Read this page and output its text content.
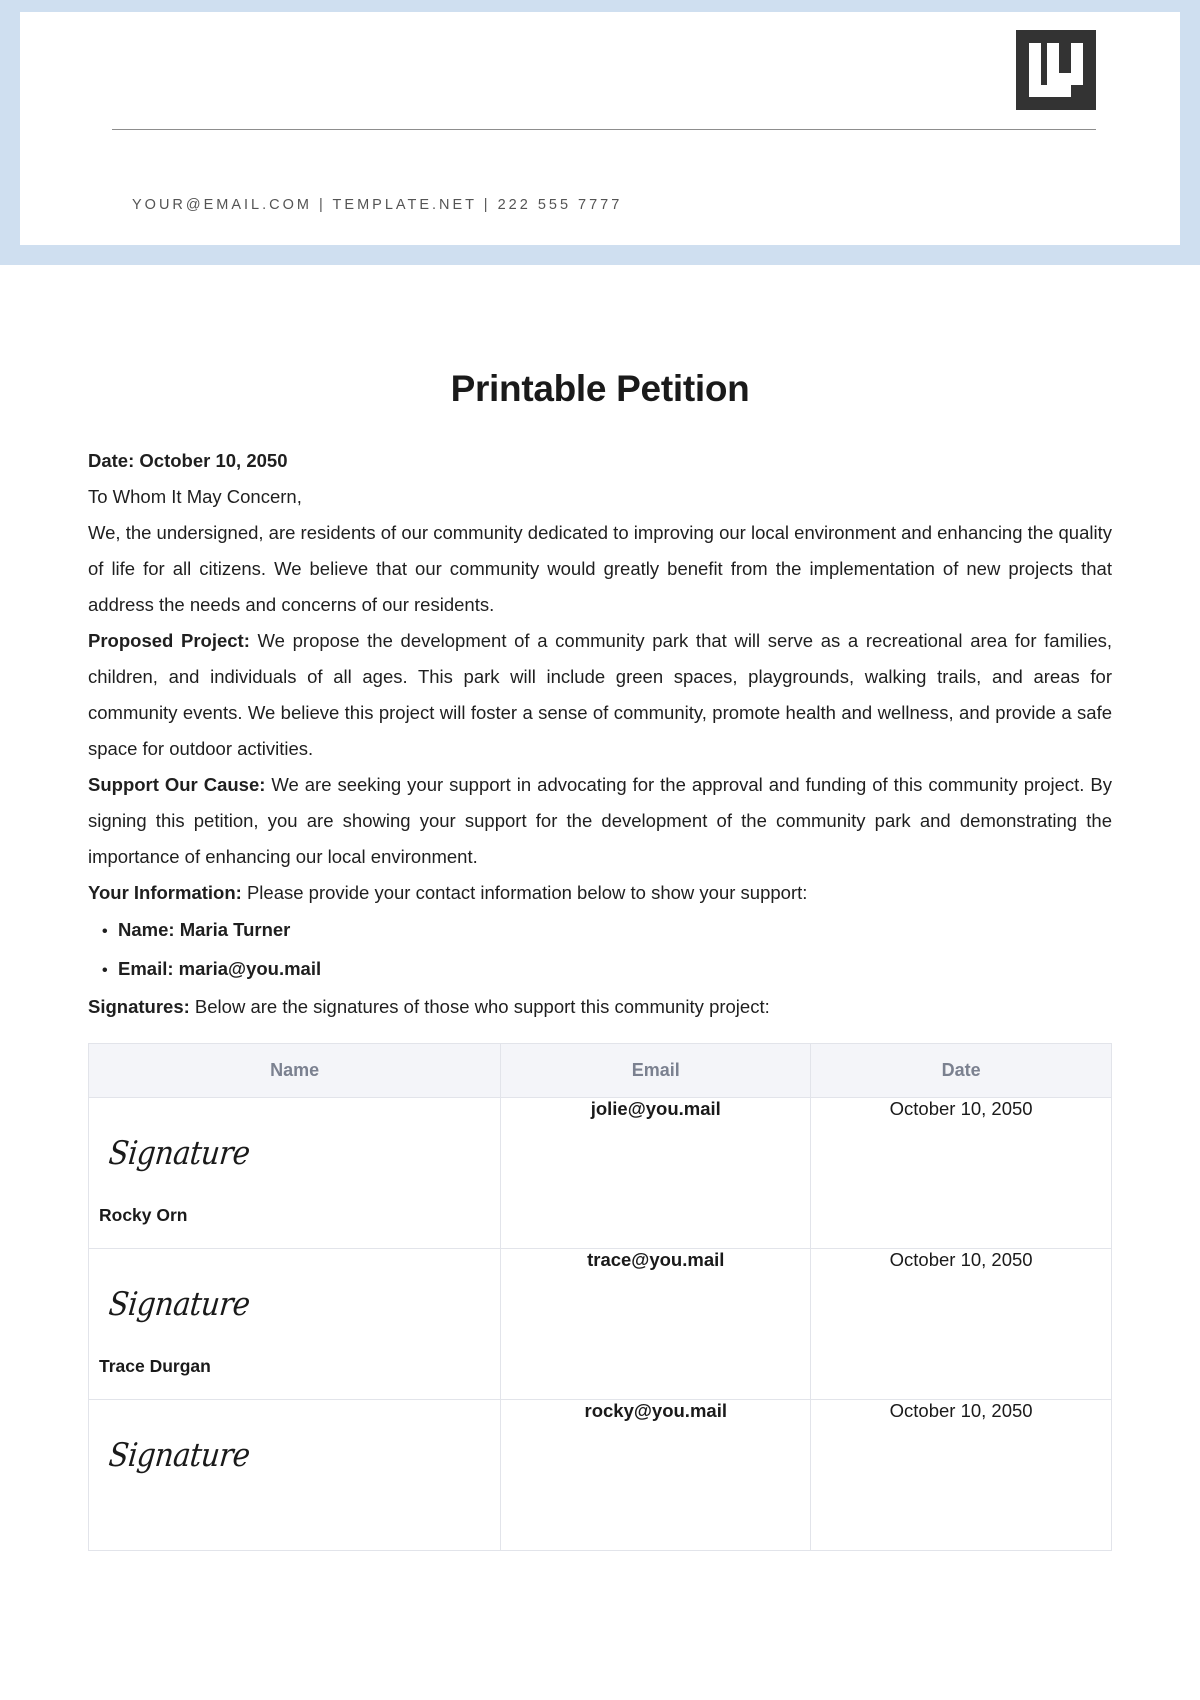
YOUR@EMAIL.COM | TEMPLATE.NET | 222 555 7777
Printable Petition

Date: October 10, 2050

To Whom It May Concern,

We, the undersigned, are residents of our community dedicated to improving our local environment and enhancing the quality of life for all citizens. We believe that our community would greatly benefit from the implementation of new projects that address the needs and concerns of our residents.

Proposed Project: We propose the development of a community park that will serve as a recreational area for families, children, and individuals of all ages. This park will include green spaces, playgrounds, walking trails, and areas for community events. We believe this project will foster a sense of community, promote health and wellness, and provide a safe space for outdoor activities.

Support Our Cause: We are seeking your support in advocating for the approval and funding of this community project. By signing this petition, you are showing your support for the development of the community park and demonstrating the importance of enhancing our local environment.

Your Information: Please provide your contact information below to show your support:

• Name: Maria Turner
• Email: maria@you.mail

Signatures: Below are the signatures of those who support this community project:

Name	Email	Date

Signature
Rocky Orn	jolie@you.mail	October 10, 2050

Signature
Trace Durgan	trace@you.mail	October 10, 2050

Signature	rocky@you.mail	October 10, 2050
